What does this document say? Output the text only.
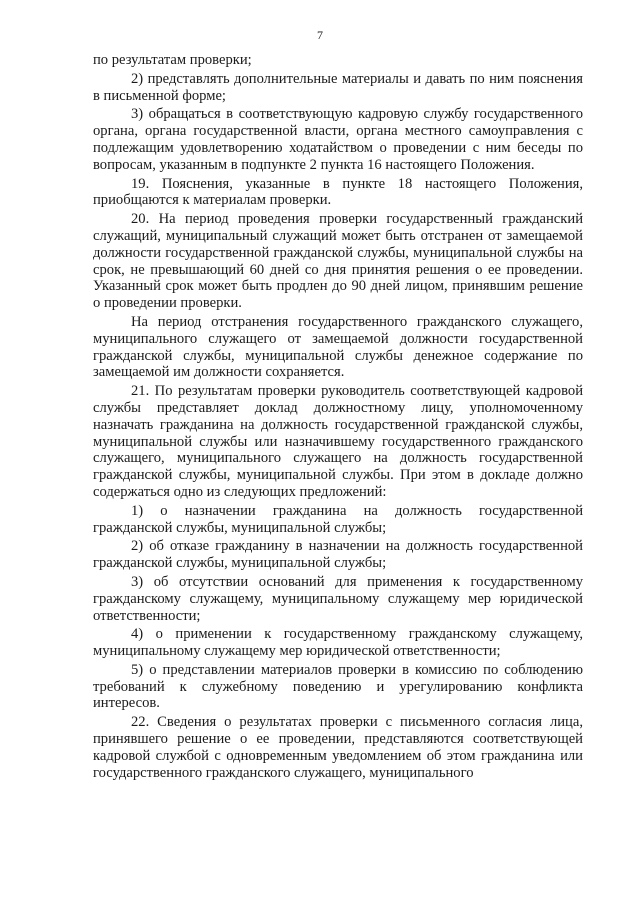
7

по результатам проверки;

2) представлять дополнительные материалы и давать по ним пояснения в письменной форме;

3) обращаться в соответствующую кадровую службу государственного органа, органа государственной власти, органа местного самоуправления с подлежащим удовлетворению ходатайством о проведении с ним беседы по вопросам, указанным в подпункте 2 пункта 16 настоящего Положения.

19. Пояснения, указанные в пункте 18 настоящего Положения, приобщаются к материалам проверки.

20. На период проведения проверки государственный гражданский служащий, муниципальный служащий может быть отстранен от замещаемой должности государственной гражданской службы, муниципальной службы на срок, не превышающий 60 дней со дня принятия решения о ее проведении. Указанный срок может быть продлен до 90 дней лицом, принявшим решение о проведении проверки.

На период отстранения государственного гражданского служащего, муниципального служащего от замещаемой должности государственной гражданской службы, муниципальной службы денежное содержание по замещаемой им должности сохраняется.

21. По результатам проверки руководитель соответствующей кадровой службы представляет доклад должностному лицу, уполномоченному назначать гражданина на должность государственной гражданской службы, муниципальной службы или назначившему государственного гражданского служащего, муниципального служащего на должность государственной гражданской службы, муниципальной службы. При этом в докладе должно содержаться одно из следующих предложений:

1) о назначении гражданина на должность государственной гражданской службы, муниципальной службы;

2) об отказе гражданину в назначении на должность государственной гражданской службы, муниципальной службы;

3) об отсутствии оснований для применения к государственному гражданскому служащему, муниципальному служащему мер юридической ответственности;

4) о применении к государственному гражданскому служащему, муниципальному служащему мер юридической ответственности;

5) о представлении материалов проверки в комиссию по соблюдению требований к служебному поведению и урегулированию конфликта интересов.

22. Сведения о результатах проверки с письменного согласия лица, принявшего решение о ее проведении, представляются соответствующей кадровой службой с одновременным уведомлением об этом гражданина или государственного гражданского служащего, муниципального
